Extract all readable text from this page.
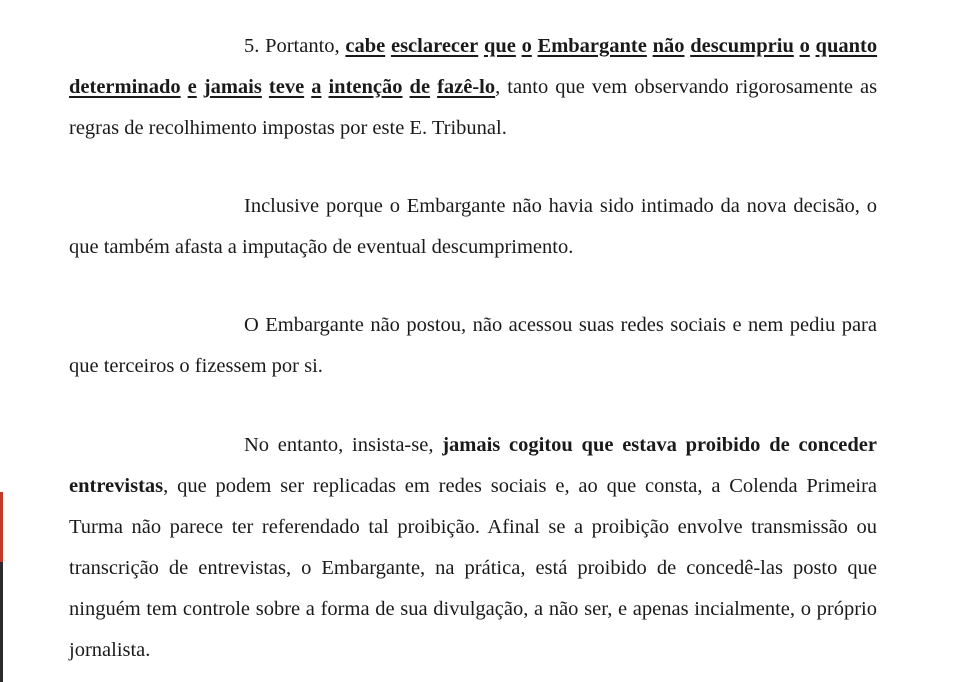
5. Portanto, cabe esclarecer que o Embargante não descumpriu o quanto determinado e jamais teve a intenção de fazê-lo, tanto que vem observando rigorosamente as regras de recolhimento impostas por este E. Tribunal.

Inclusive porque o Embargante não havia sido intimado da nova decisão, o que também afasta a imputação de eventual descumprimento.

O Embargante não postou, não acessou suas redes sociais e nem pediu para que terceiros o fizessem por si.

No entanto, insista-se, jamais cogitou que estava proibido de conceder entrevistas, que podem ser replicadas em redes sociais e, ao que consta, a Colenda Primeira Turma não parece ter referendado tal proibição. Afinal se a proibição envolve transmissão ou transcrição de entrevistas, o Embargante, na prática, está proibido de concedê-las posto que ninguém tem controle sobre a forma de sua divulgação, a não ser, e apenas incialmente, o próprio jornalista.
